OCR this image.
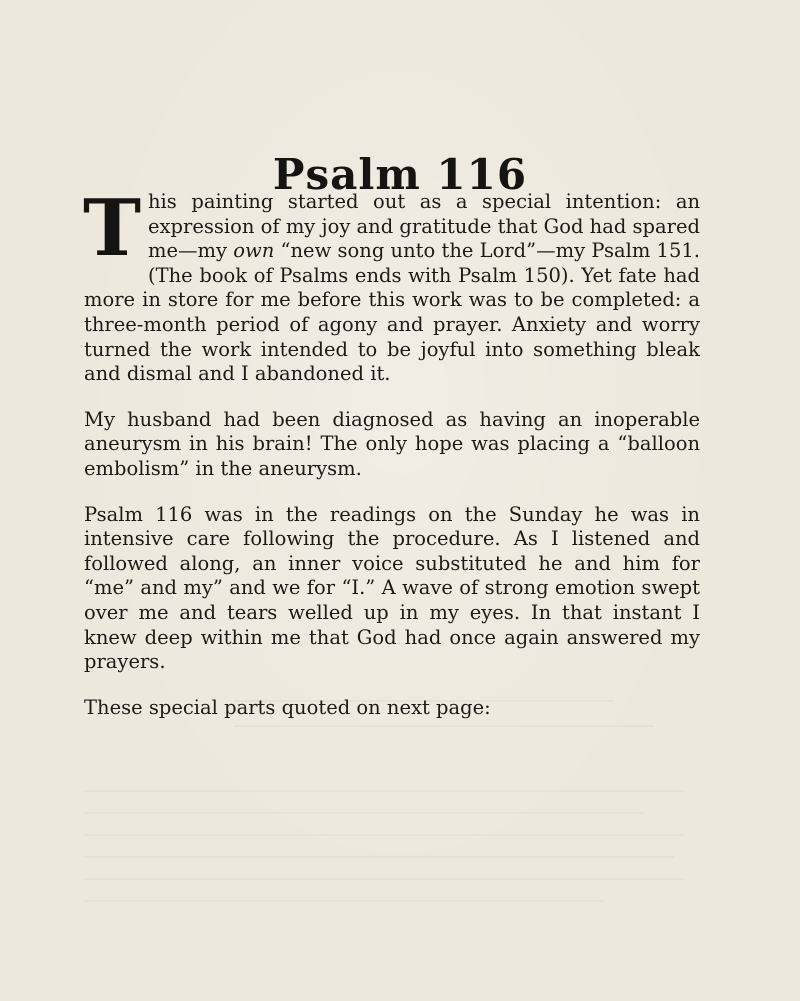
Psalm 116

This painting started out as a special intention: an expression of my joy and gratitude that God had spared me—my own “new song unto the Lord”—my Psalm 151. (The book of Psalms ends with Psalm 150). Yet fate had more in store for me before this work was to be completed: a three-month period of agony and prayer. Anxiety and worry turned the work intended to be joyful into something bleak and dismal and I abandoned it.

My husband had been diagnosed as having an inoperable aneurysm in his brain! The only hope was placing a “balloon embolism” in the aneurysm.

Psalm 116 was in the readings on the Sunday he was in intensive care following the procedure. As I listened and followed along, an inner voice substituted he and him for “me” and my” and we for “I.” A wave of strong emotion swept over me and tears welled up in my eyes. In that instant I knew deep within me that God had once again answered my prayers.

These special parts quoted on next page:
